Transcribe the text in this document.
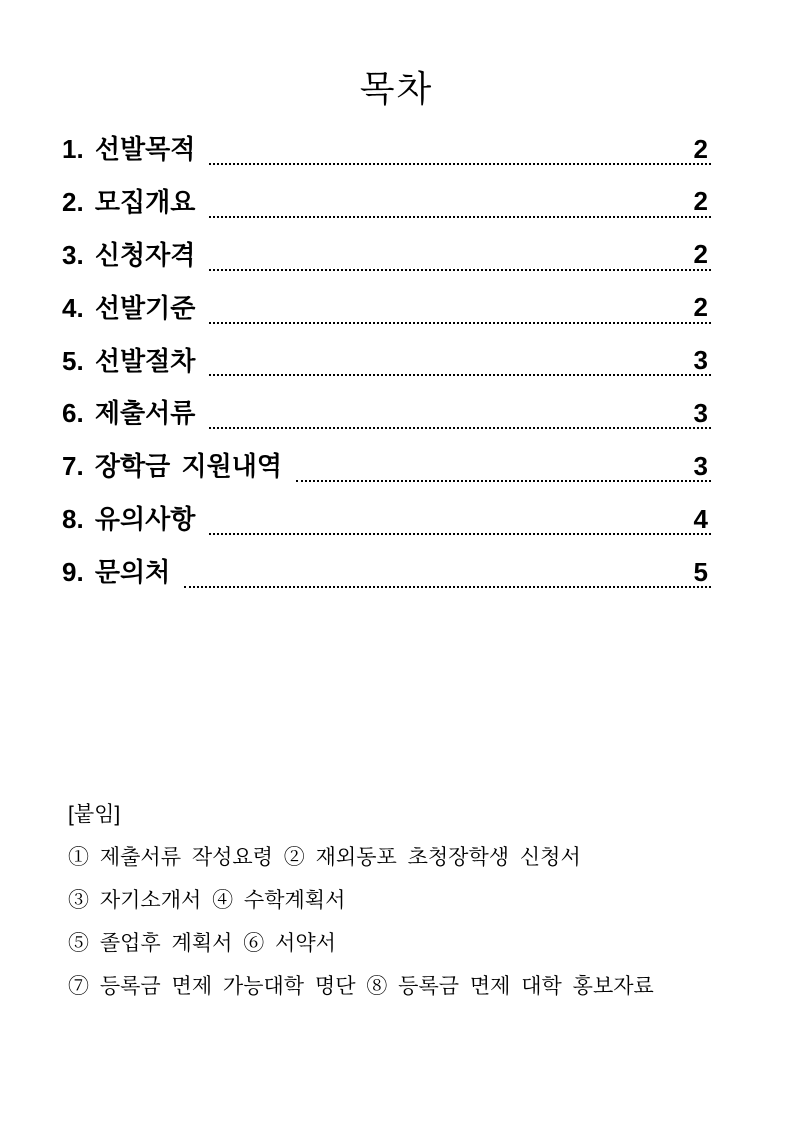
목차
1. 선발목적	2
2. 모집개요	2
3. 신청자격	2
4. 선발기준	2
5. 선발절차	3
6. 제출서류	3
7. 장학금 지원내역	3
8. 유의사항	4
9. 문의처	5
[붙임]
① 제출서류 작성요령 ② 재외동포 초청장학생 신청서
③ 자기소개서 ④ 수학계획서
⑤ 졸업후 계획서 ⑥ 서약서
⑦ 등록금 면제 가능대학 명단 ⑧ 등록금 면제 대학 홍보자료
